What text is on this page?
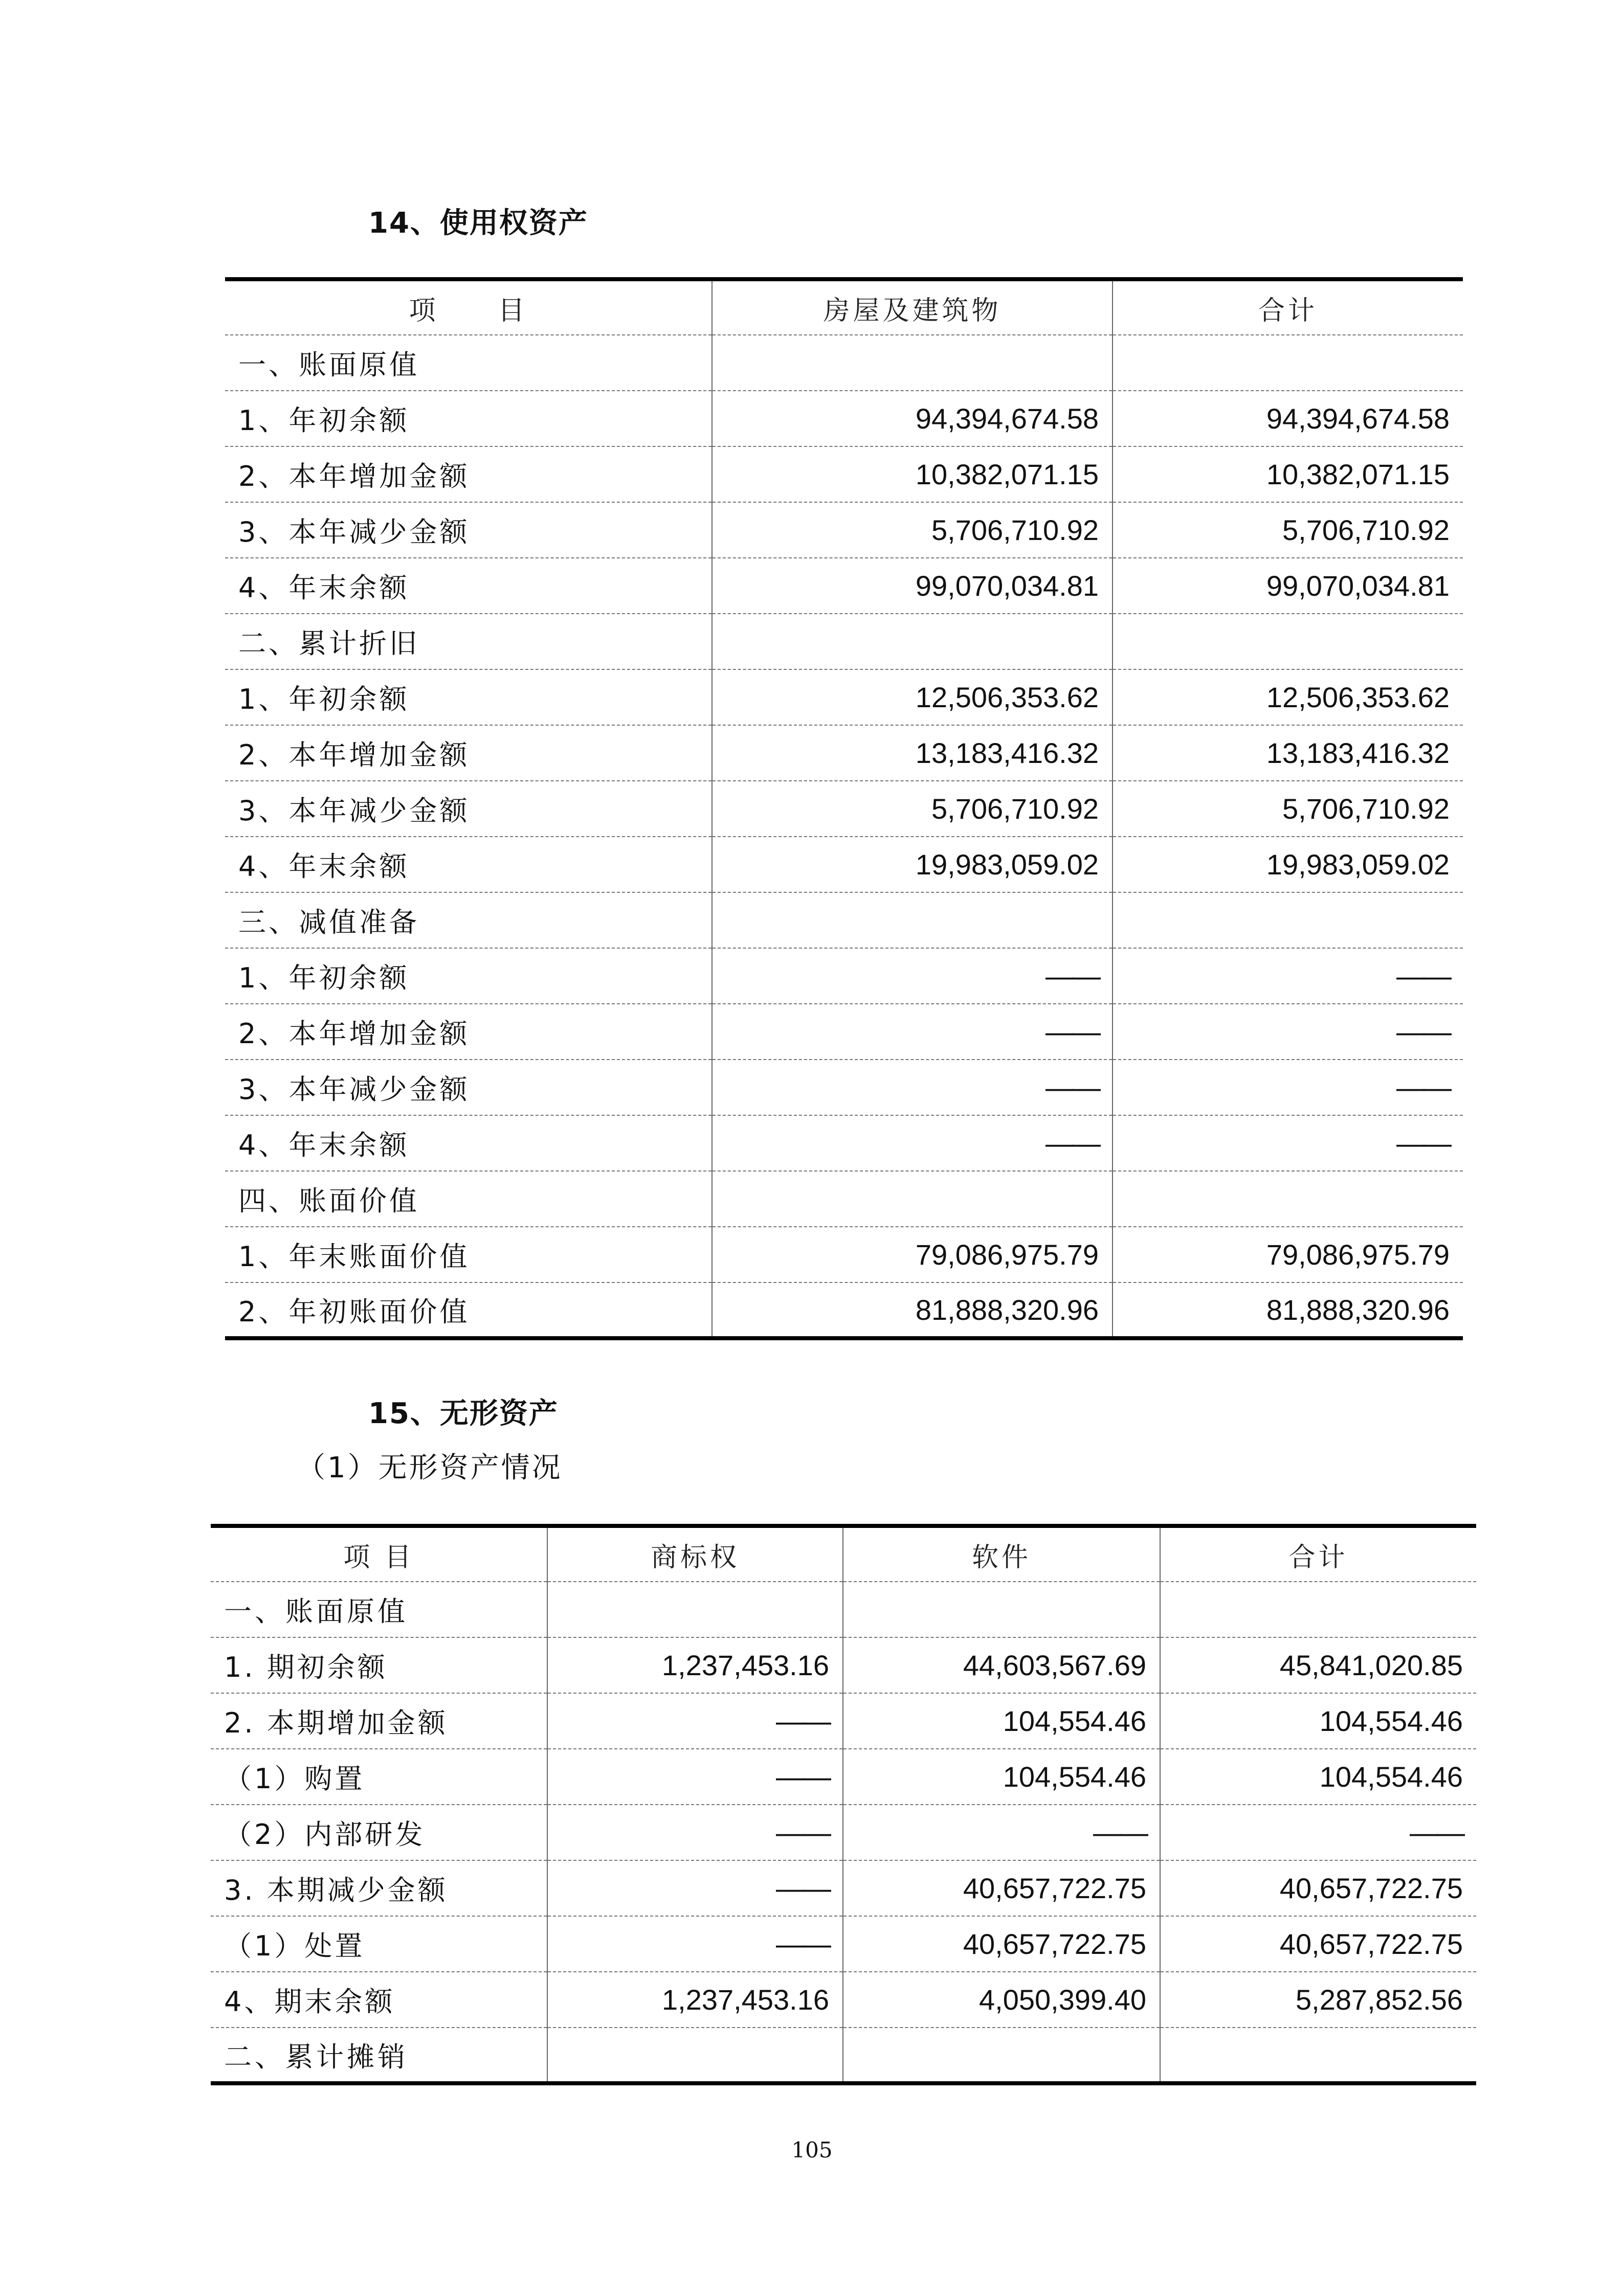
14、使用权资产
项　　目	房屋及建筑物	合计
一、账面原值		
1、年初余额	94,394,674.58	94,394,674.58
2、本年增加金额	10,382,071.15	10,382,071.15
3、本年减少金额	5,706,710.92	5,706,710.92
4、年末余额	99,070,034.81	99,070,034.81
二、累计折旧		
1、年初余额	12,506,353.62	12,506,353.62
2、本年增加金额	13,183,416.32	13,183,416.32
3、本年减少金额	5,706,710.92	5,706,710.92
4、年末余额	19,983,059.02	19,983,059.02
三、减值准备		
1、年初余额	——	——
2、本年增加金额	——	——
3、本年减少金额	——	——
4、年末余额	——	——
四、账面价值		
1、年末账面价值	79,086,975.79	79,086,975.79
2、年初账面价值	81,888,320.96	81,888,320.96
15、无形资产
（1）无形资产情况
项 目	商标权	软件	合计
一、账面原值			
1. 期初余额	1,237,453.16	44,603,567.69	45,841,020.85
2. 本期增加金额	——	104,554.46	104,554.46
（1）购置	——	104,554.46	104,554.46
（2）内部研发	——	——	——
3. 本期减少金额	——	40,657,722.75	40,657,722.75
（1）处置	——	40,657,722.75	40,657,722.75
4、期末余额	1,237,453.16	4,050,399.40	5,287,852.56
二、累计摊销			
105
